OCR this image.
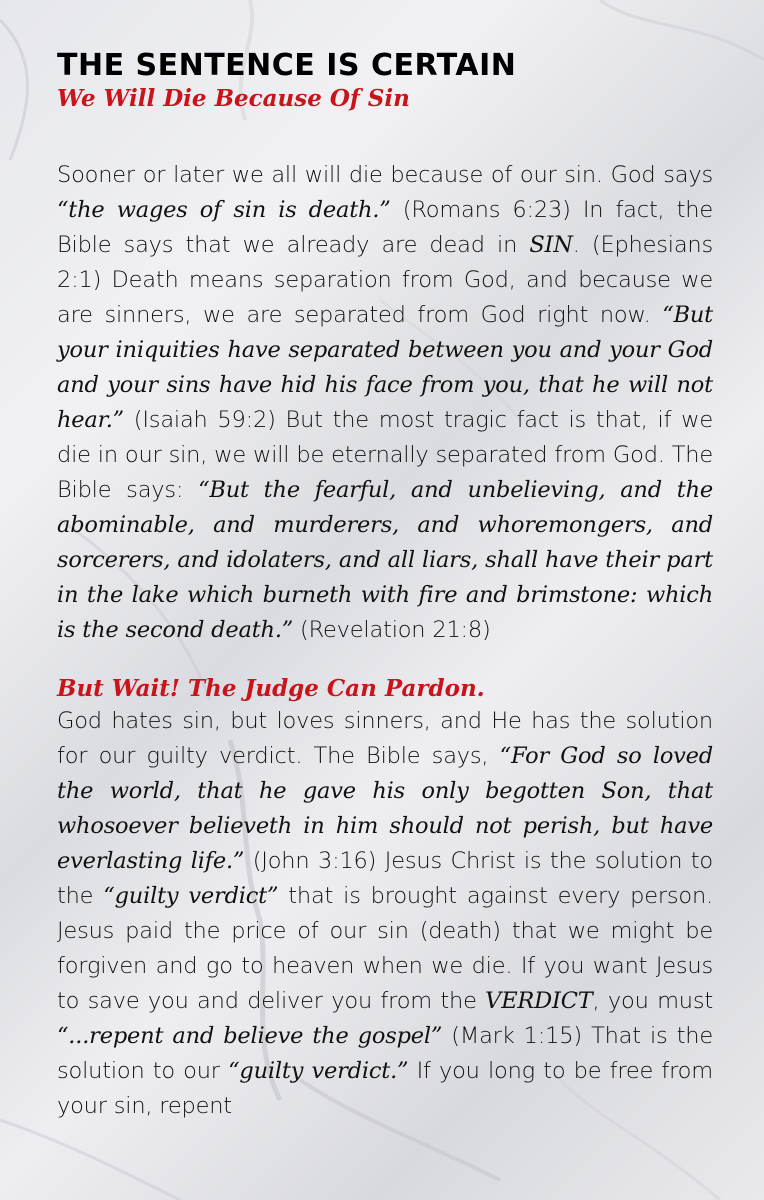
THE SENTENCE IS CERTAIN
We Will Die Because Of Sin

Sooner or later we all will die because of our sin. God says “the wages of sin is death.” (Romans 6:23) In fact, the Bible says that we already are dead in SIN. (Ephesians 2:1) Death means separation from God, and because we are sinners, we are separated from God right now. “But your iniquities have separated between you and your God and your sins have hid his face from you, that he will not hear.” (Isaiah 59:2) But the most tragic fact is that, if we die in our sin, we will be eternally separated from God. The Bible says: “But the fearful, and unbelieving, and the abominable, and murderers, and whoremongers, and sorcerers, and idolaters, and all liars, shall have their part in the lake which burneth with fire and brimstone: which is the second death.” (Revelation 21:8)

But Wait! The Judge Can Pardon.

God hates sin, but loves sinners, and He has the solution for our guilty verdict. The Bible says, “For God so loved the world, that he gave his only begotten Son, that whosoever believeth in him should not perish, but have everlasting life.” (John 3:16) Jesus Christ is the solution to the “guilty verdict” that is brought against every person. Jesus paid the price of our sin (death) that we might be forgiven and go to heaven when we die. If you want Jesus to save you and deliver you from the VERDICT, you must “...repent and believe the gospel” (Mark 1:15) That is the solution to our “guilty verdict.” If you long to be free from your sin, repent
